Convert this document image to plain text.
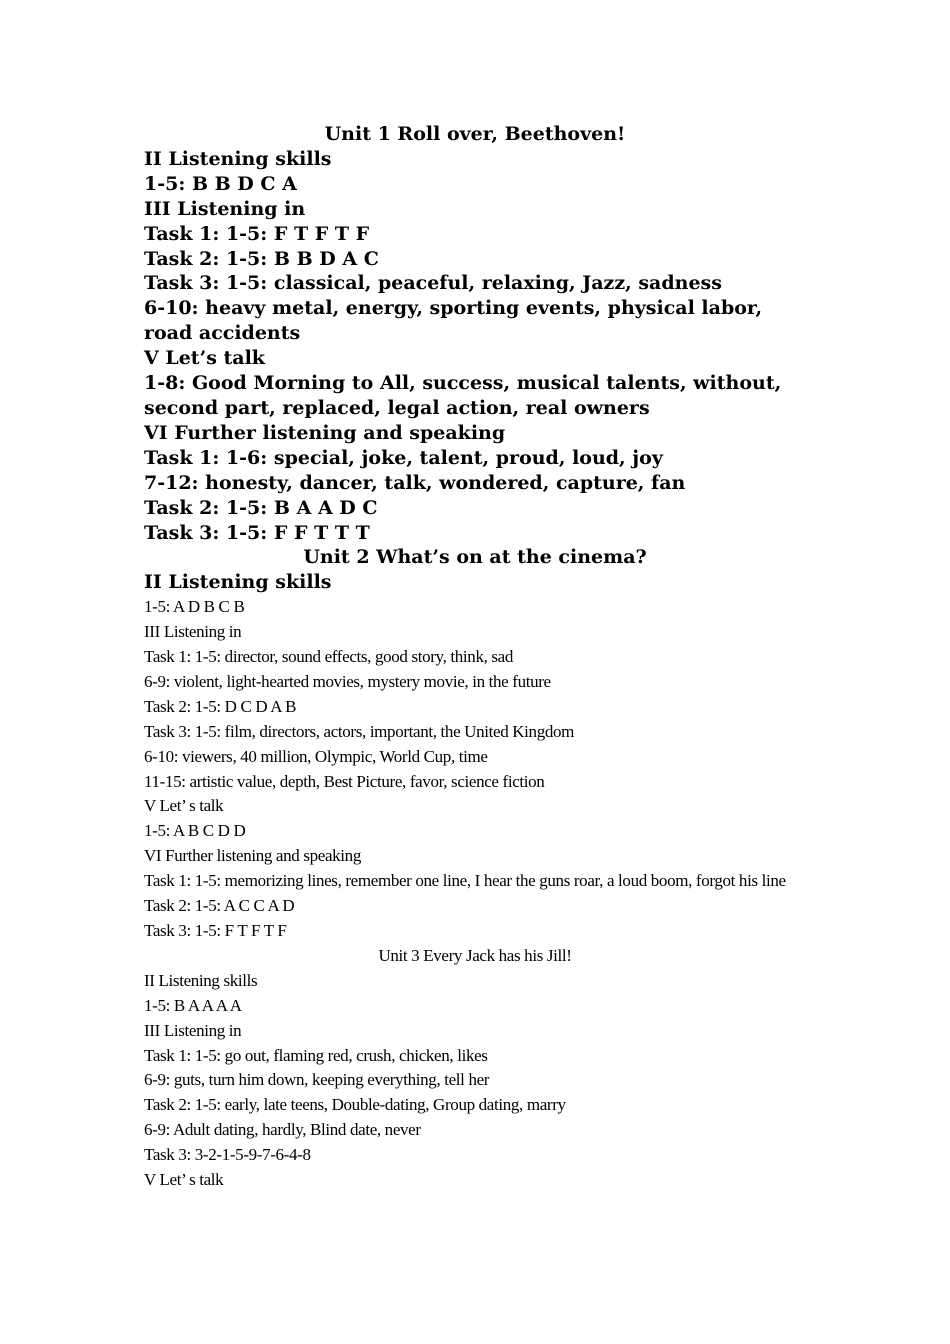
Unit 1 Roll over, Beethoven!
II Listening skills
1-5: B B D C A
III Listening in
Task 1: 1-5: F T F T F
Task 2: 1-5: B B D A C
Task 3: 1-5: classical, peaceful, relaxing, Jazz, sadness
6-10: heavy metal, energy, sporting events, physical labor, road accidents
V Let’s talk
1-8: Good Morning to All, success, musical talents, without, second part, replaced, legal action, real owners
VI Further listening and speaking
Task 1: 1-6: special, joke, talent, proud, loud, joy
7-12: honesty, dancer, talk, wondered, capture, fan
Task 2: 1-5: B A A D C
Task 3: 1-5: F F T T T
Unit 2 What’s on at the cinema?
II Listening skills
1-5: A D B C B
III Listening in
Task 1: 1-5: director, sound effects, good story, think, sad
6-9: violent, light-hearted movies, mystery movie, in the future
Task 2: 1-5: D C D A B
Task 3: 1-5: film, directors, actors, important, the United Kingdom
6-10: viewers, 40 million, Olympic, World Cup, time
11-15: artistic value, depth, Best Picture, favor, science fiction
V Let’ s talk
1-5: A B C D D
VI Further listening and speaking
Task 1: 1-5: memorizing lines, remember one line, I hear the guns roar, a loud boom, forgot his line
Task 2: 1-5: A C C A D
Task 3: 1-5: F T F T F
Unit 3 Every Jack has his Jill!
II Listening skills
1-5: B A A A A
III Listening in
Task 1: 1-5: go out, flaming red, crush, chicken, likes
6-9: guts, turn him down, keeping everything, tell her
Task 2: 1-5: early, late teens, Double-dating, Group dating, marry
6-9: Adult dating, hardly, Blind date, never
Task 3: 3-2-1-5-9-7-6-4-8
V Let’ s talk
